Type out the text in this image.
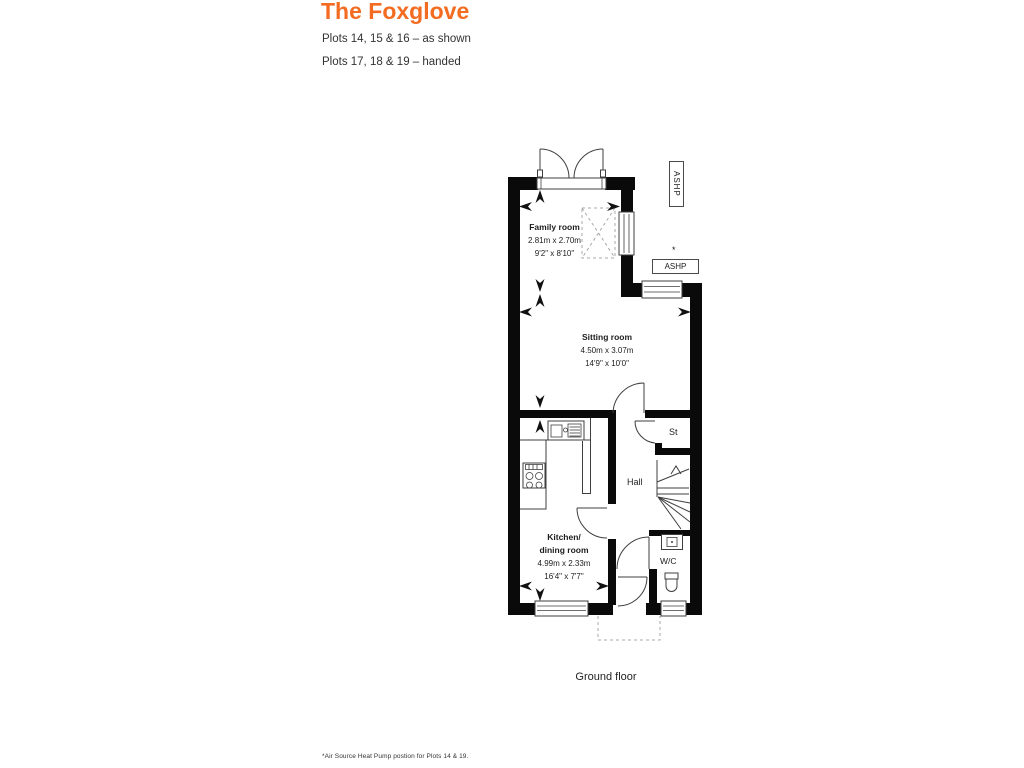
The Foxglove
Plots 14, 15 & 16 – as shown
Plots 17, 18 & 19 – handed
Family room
2.81m x 2.70m
9'2" x 8'10"
Sitting room
4.50m x 3.07m
14'9" x 10'0"
Kitchen/
dining room
4.99m x 2.33m
16'4" x 7'7"
Hall
St
W/C
ASHP
*
ASHP
Ground floor
*Air Source Heat Pump postion for Plots 14 & 19.
